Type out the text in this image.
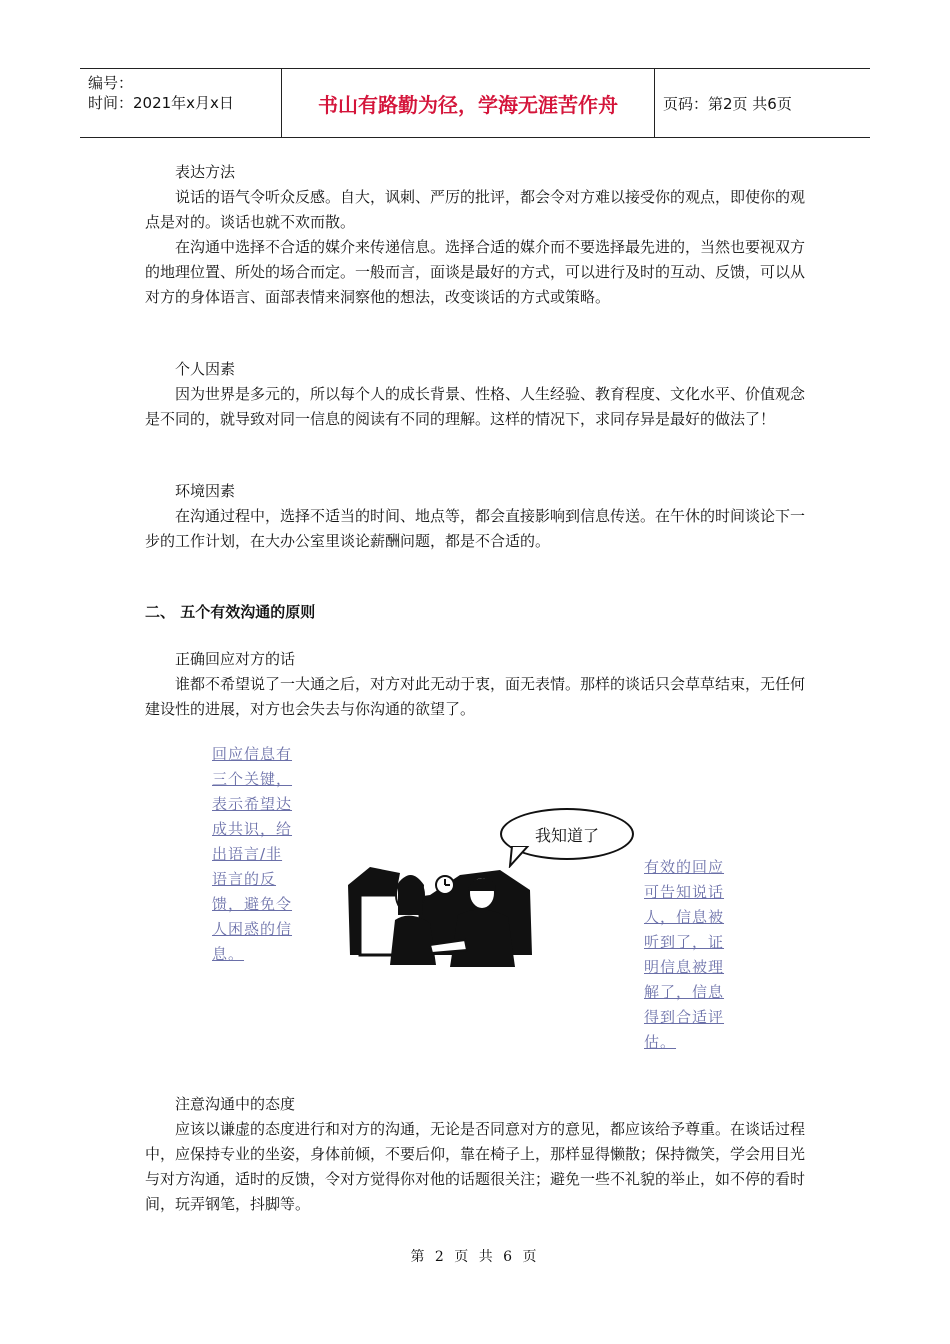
编号：
时间：2021年x月x日	书山有路勤为径，学海无涯苦作舟	页码：第2页 共6页

表达方法

说话的语气令听众反感。自大，讽刺、严厉的批评，都会令对方难以接受你的观点，即使你的观点是对的。谈话也就不欢而散。

在沟通中选择不合适的媒介来传递信息。选择合适的媒介而不要选择最先进的，当然也要视双方的地理位置、所处的场合而定。一般而言，面谈是最好的方式，可以进行及时的互动、反馈，可以从对方的身体语言、面部表情来洞察他的想法，改变谈话的方式或策略。

个人因素

因为世界是多元的，所以每个人的成长背景、性格、人生经验、教育程度、文化水平、价值观念是不同的，就导致对同一信息的阅读有不同的理解。这样的情况下，求同存异是最好的做法了！

环境因素

在沟通过程中，选择不适当的时间、地点等，都会直接影响到信息传送。在午休的时间谈论下一步的工作计划，在大办公室里谈论薪酬问题，都是不合适的。

二、 五个有效沟通的原则

正确回应对方的话

谁都不希望说了一大通之后，对方对此无动于衷，面无表情。那样的谈话只会草草结束，无任何建设性的进展，对方也会失去与你沟通的欲望了。

回应信息有三个关键，表示希望达成共识，给出语言/非语言的反馈，避免令人困惑的信息。
我知道了
有效的回应可告知说话人，信息被听到了，证明信息被理解了，信息得到合适评估。

注意沟通中的态度

应该以谦虚的态度进行和对方的沟通，无论是否同意对方的意见，都应该给予尊重。在谈话过程中，应保持专业的坐姿，身体前倾，不要后仰，靠在椅子上，那样显得懒散；保持微笑，学会用目光与对方沟通，适时的反馈，令对方觉得你对他的话题很关注；避免一些不礼貌的举止，如不停的看时间，玩弄钢笔，抖脚等。

第 2 页 共 6 页
